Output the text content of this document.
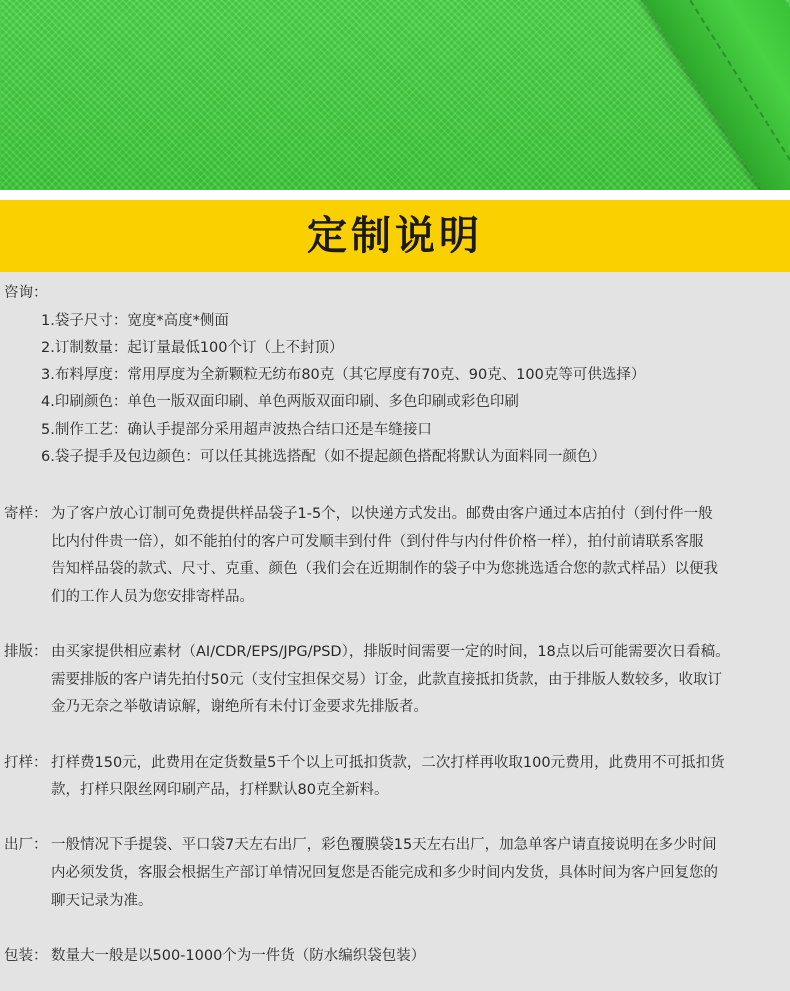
定制说明
咨询：
1.袋子尺寸：宽度*高度*侧面
2.订制数量：起订量最低100个订（上不封顶）
3.布料厚度：常用厚度为全新颗粒无纺布80克（其它厚度有70克、90克、100克等可供选择）
4.印刷颜色：单色一版双面印刷、单色两版双面印刷、多色印刷或彩色印刷
5.制作工艺：确认手提部分采用超声波热合结口还是车缝接口
6.袋子提手及包边颜色：可以任其挑选搭配（如不提起颜色搭配将默认为面料同一颜色）
寄样： 为了客户放心订制可免费提供样品袋子1-5个，以快递方式发出。邮费由客户通过本店拍付（到付件一般
比内付件贵一倍），如不能拍付的客户可发顺丰到付件（到付件与内付件价格一样），拍付前请联系客服
告知样品袋的款式、尺寸、克重、颜色（我们会在近期制作的袋子中为您挑选适合您的款式样品）以便我
们的工作人员为您安排寄样品。
排版： 由买家提供相应素材（AI/CDR/EPS/JPG/PSD），排版时间需要一定的时间，18点以后可能需要次日看稿。
需要排版的客户请先拍付50元（支付宝担保交易）订金，此款直接抵扣货款，由于排版人数较多，收取订
金乃无奈之举敬请谅解，谢绝所有未付订金要求先排版者。
打样： 打样费150元，此费用在定货数量5千个以上可抵扣货款，二次打样再收取100元费用，此费用不可抵扣货
款，打样只限丝网印刷产品，打样默认80克全新料。
出厂： 一般情况下手提袋、平口袋7天左右出厂，彩色覆膜袋15天左右出厂，加急单客户请直接说明在多少时间
内必须发货，客服会根据生产部订单情况回复您是否能完成和多少时间内发货，具体时间为客户回复您的
聊天记录为准。
包装： 数量大一般是以500-1000个为一件货（防水编织袋包装）
